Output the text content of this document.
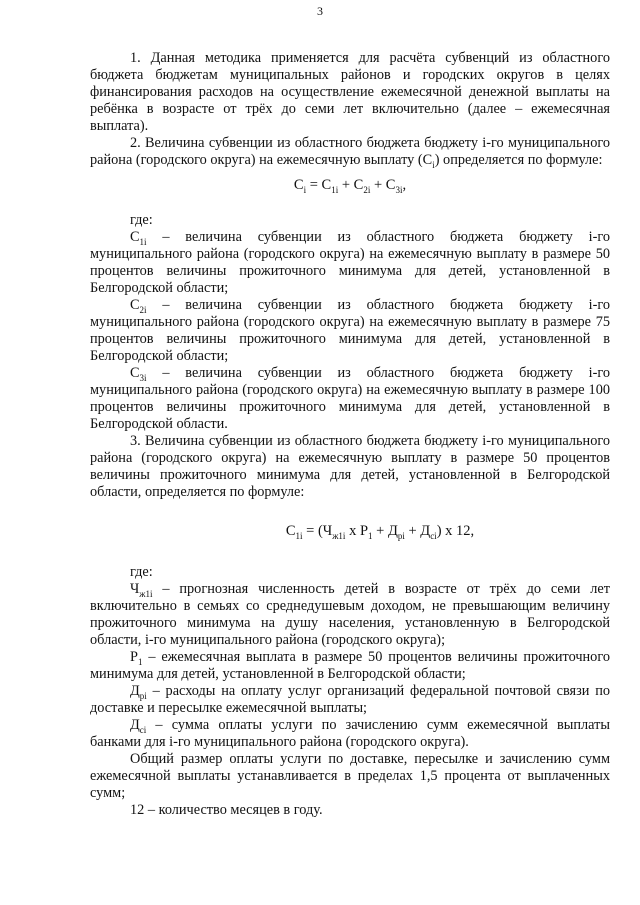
3

1. Данная методика применяется для расчёта субвенций из областного бюджета бюджетам муниципальных районов и городских округов в целях финансирования расходов на осуществление ежемесячной денежной выплаты на ребёнка в возрасте от трёх до семи лет включительно (далее – ежемесячная выплата).

2. Величина субвенции из областного бюджета бюджету i-го муниципального района (городского округа) на ежемесячную выплату $(C_i)$ определяется по формуле:

$C_i = C_{1i} + C_{2i} + C_{3i}$,

где:

$C_{1i}$ – величина субвенции из областного бюджета бюджету i-го муниципального района (городского округа) на ежемесячную выплату в размере 50 процентов величины прожиточного минимума для детей, установленной в Белгородской области;

$C_{2i}$ – величина субвенции из областного бюджета бюджету i-го муниципального района (городского округа) на ежемесячную выплату в размере 75 процентов величины прожиточного минимума для детей, установленной в Белгородской области;

$C_{3i}$ – величина субвенции из областного бюджета бюджету i-го муниципального района (городского округа) на ежемесячную выплату в размере 100 процентов величины прожиточного минимума для детей, установленной в Белгородской области.

3. Величина субвенции из областного бюджета бюджету i-го муниципального района (городского округа) на ежемесячную выплату в размере 50 процентов величины прожиточного минимума для детей, установленной в Белгородской области, определяется по формуле:

$C_{1i} = (Ч_{ж1i}$ x $P_1 + Д_{pi} + Д_{ci}$) x 12,

где:

$Ч_{ж1i}$ – прогнозная численность детей в возрасте от трёх до семи лет включительно в семьях со среднедушевым доходом, не превышающим величину прожиточного минимума на душу населения, установленную в Белгородской области, i-го муниципального района (городского округа);

$P_1$ – ежемесячная выплата в размере 50 процентов величины прожиточного минимума для детей, установленной в Белгородской области;

$Д_{pi}$ – расходы на оплату услуг организаций федеральной почтовой связи по доставке и пересылке ежемесячной выплаты;

$Д_{ci}$ – сумма оплаты услуги по зачислению сумм ежемесячной выплаты банками для i-го муниципального района (городского округа).

Общий размер оплаты услуги по доставке, пересылке и зачислению сумм ежемесячной выплаты устанавливается в пределах 1,5 процента от выплаченных сумм;

12 – количество месяцев в году.
